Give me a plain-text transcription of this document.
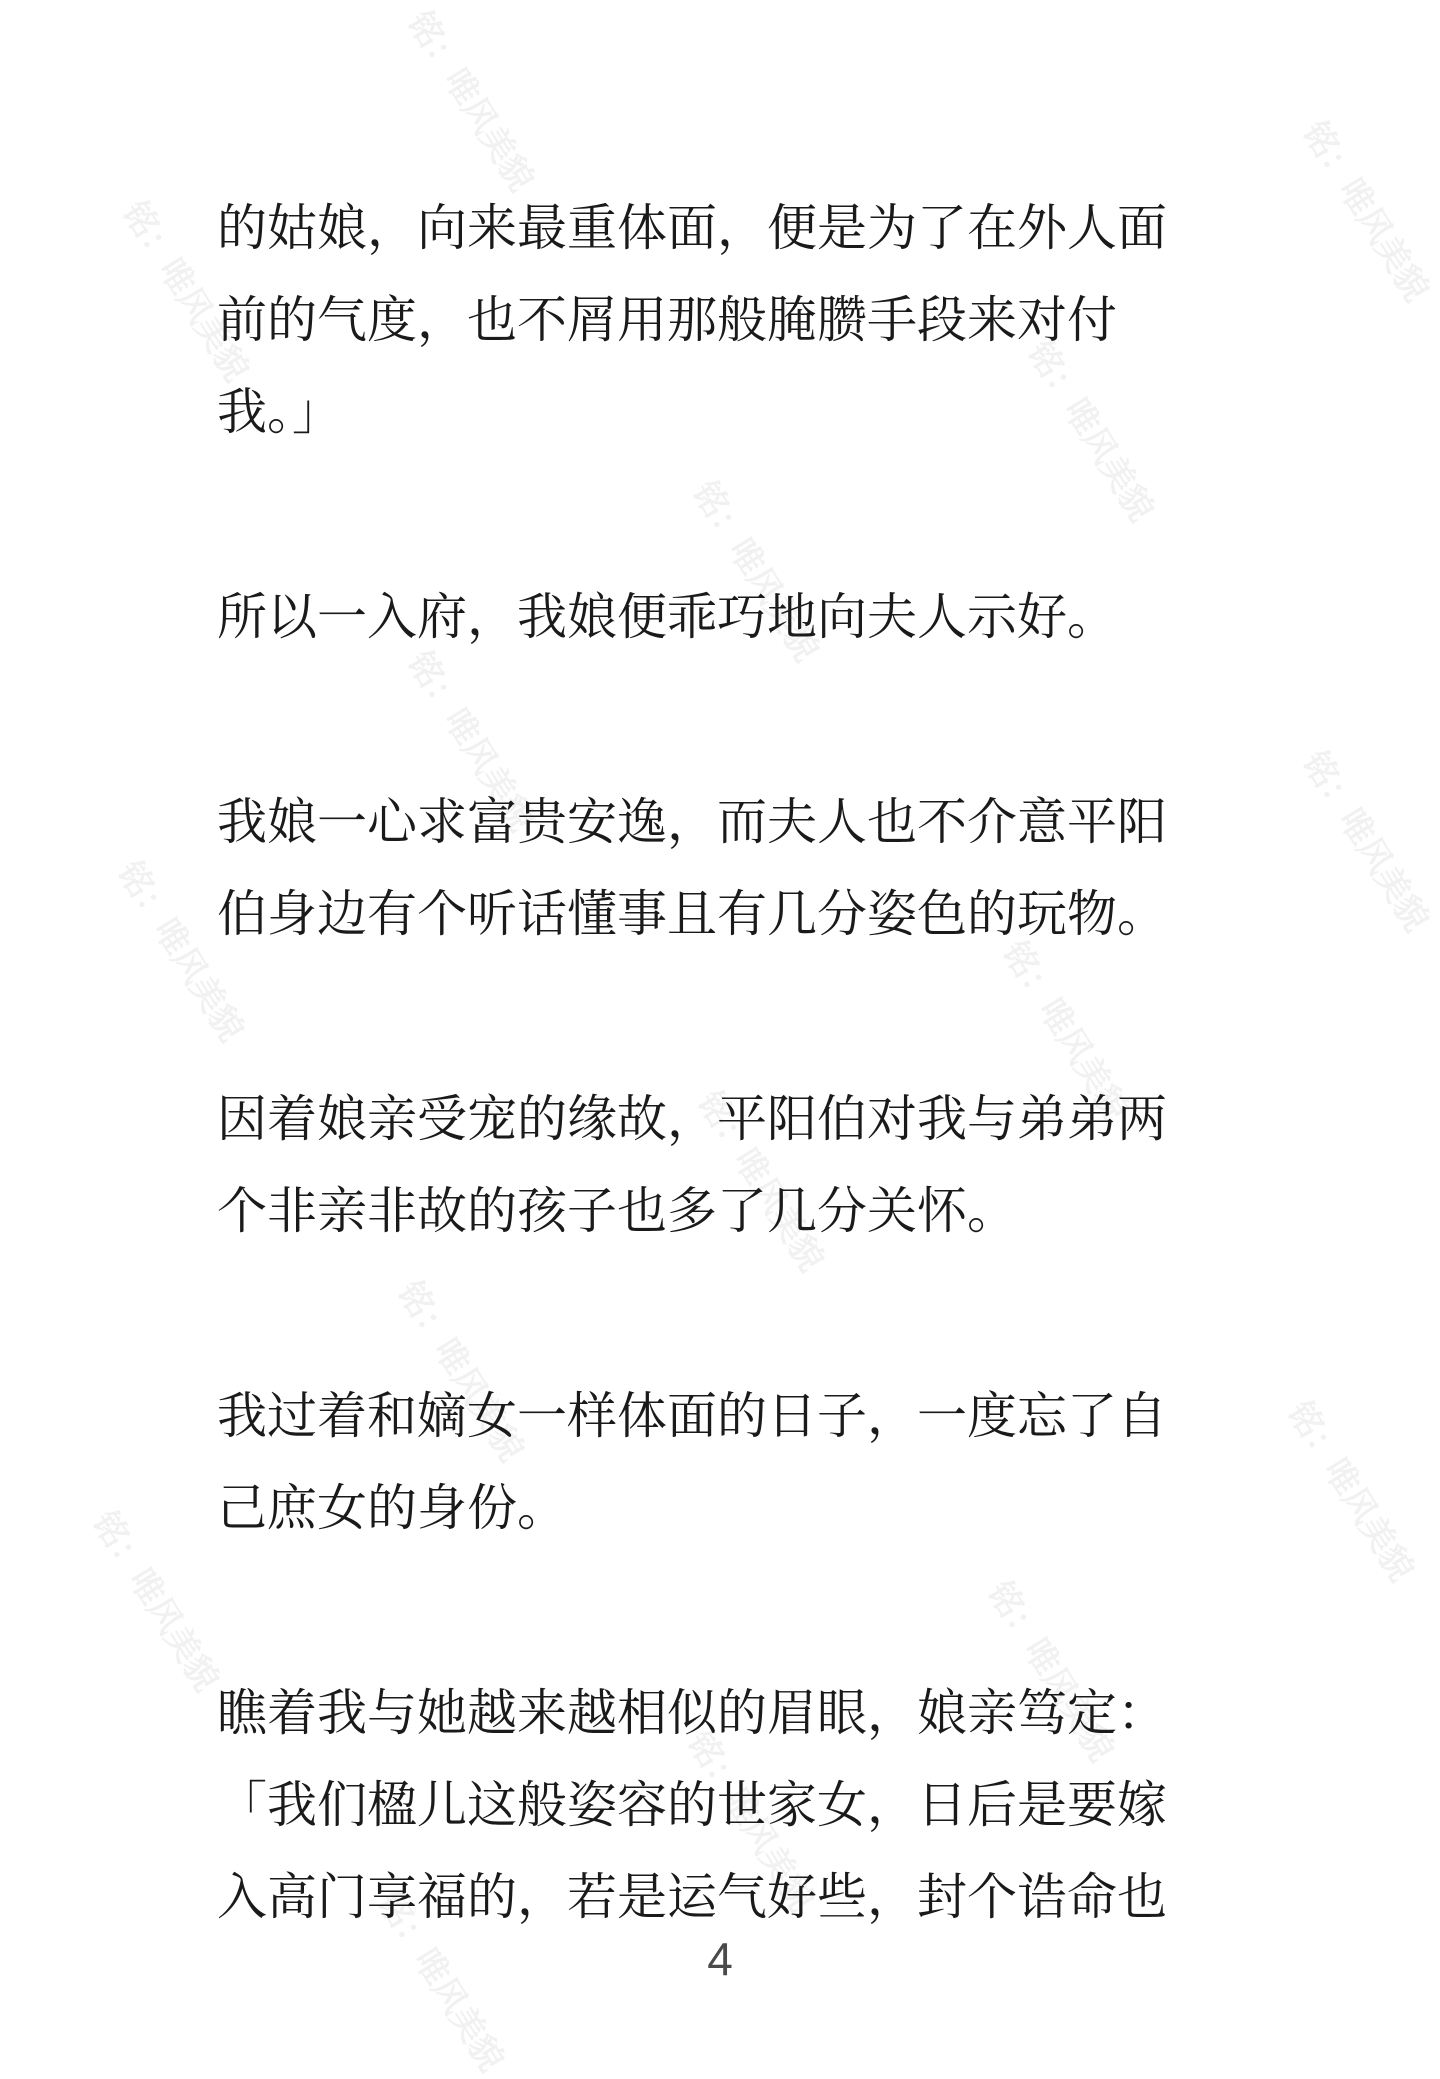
铭：唯风美貌
铭：唯风美貌
铭：唯风美貌
铭：唯风美貌
铭：唯风美貌
铭：唯风美貌
铭：唯风美貌
铭：唯风美貌	铭：唯风美貌
铭：唯风美貌
铭：唯风美貌
铭：唯风美貌
铭：唯风美貌	铭：唯风美貌
铭：唯风美貌
铭：唯风美貌

的姑娘，向来最重体面，便是为了在外人面
前的气度，也不屑用那般腌臜手段来对付
我。」

所以一入府，我娘便乖巧地向夫人示好。

我娘一心求富贵安逸，而夫人也不介意平阳
伯身边有个听话懂事且有几分姿色的玩物。

因着娘亲受宠的缘故，平阳伯对我与弟弟两
个非亲非故的孩子也多了几分关怀。

我过着和嫡女一样体面的日子，一度忘了自
己庶女的身份。

瞧着我与她越来越相似的眉眼，娘亲笃定：
「我们楹儿这般姿容的世家女，日后是要嫁
入高门享福的，若是运气好些，封个诰命也

4
